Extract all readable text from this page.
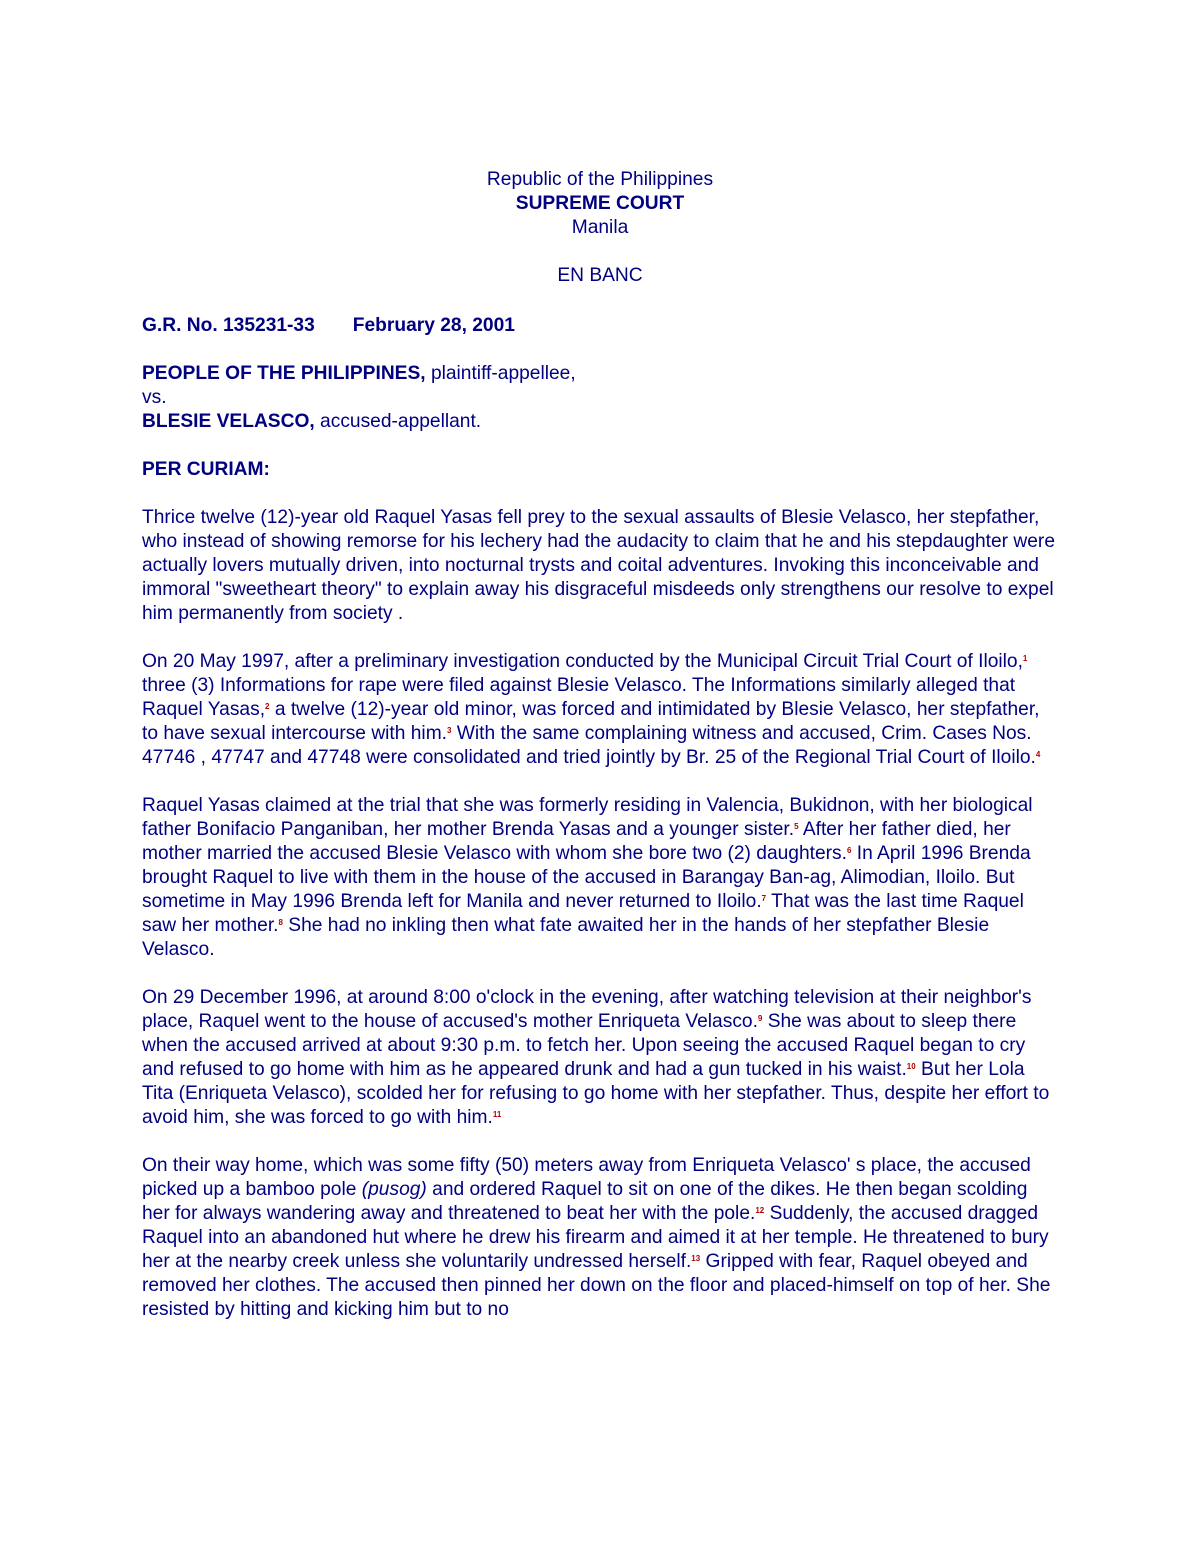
Republic of the Philippines
SUPREME COURT
Manila
EN BANC
G.R. No. 135231-33 February 28, 2001
PEOPLE OF THE PHILIPPINES, plaintiff-appellee,
vs.
BLESIE VELASCO, accused-appellant.
PER CURIAM:

Thrice twelve (12)-year old Raquel Yasas fell prey to the sexual assaults of Blesie Velasco, her stepfather, who instead of showing remorse for his lechery had the audacity to claim that he and his stepdaughter were actually lovers mutually driven, into nocturnal trysts and coital adventures. Invoking this inconceivable and immoral "sweetheart theory" to explain away his disgraceful misdeeds only strengthens our resolve to expel him permanently from society .

On 20 May 1997, after a preliminary investigation conducted by the Municipal Circuit Trial Court of Iloilo,$^1$ three (3) Informations for rape were filed against Blesie Velasco. The Informations similarly alleged that Raquel Yasas,$^2$ a twelve (12)-year old minor, was forced and intimidated by Blesie Velasco, her stepfather, to have sexual intercourse with him.$^3$ With the same complaining witness and accused, Crim. Cases Nos. 47746 , 47747 and 47748 were consolidated and tried jointly by Br. 25 of the Regional Trial Court of Iloilo.$^4$

Raquel Yasas claimed at the trial that she was formerly residing in Valencia, Bukidnon, with her biological father Bonifacio Panganiban, her mother Brenda Yasas and a younger sister.$^5$ After her father died, her mother married the accused Blesie Velasco with whom she bore two (2) daughters.$^6$ In April 1996 Brenda brought Raquel to live with them in the house of the accused in Barangay Ban-ag, Alimodian, Iloilo. But sometime in May 1996 Brenda left for Manila and never returned to Iloilo.$^7$ That was the last time Raquel saw her mother.$^8$ She had no inkling then what fate awaited her in the hands of her stepfather Blesie Velasco.

On 29 December 1996, at around 8:00 o'clock in the evening, after watching television at their neighbor's place, Raquel went to the house of accused's mother Enriqueta Velasco.$^9$ She was about to sleep there when the accused arrived at about 9:30 p.m. to fetch her. Upon seeing the accused Raquel began to cry and refused to go home with him as he appeared drunk and had a gun tucked in his waist.$^{10}$ But her Lola Tita (Enriqueta Velasco), scolded her for refusing to go home with her stepfather. Thus, despite her effort to avoid him, she was forced to go with him.$^{11}$

On their way home, which was some fifty (50) meters away from Enriqueta Velasco' s place, the accused picked up a bamboo pole (pusog) and ordered Raquel to sit on one of the dikes. He then began scolding her for always wandering away and threatened to beat her with the pole.$^{12}$ Suddenly, the accused dragged Raquel into an abandoned hut where he drew his firearm and aimed it at her temple. He threatened to bury her at the nearby creek unless she voluntarily undressed herself.$^{13}$ Gripped with fear, Raquel obeyed and removed her clothes. The accused then pinned her down on the floor and placed-himself on top of her. She resisted by hitting and kicking him but to no
